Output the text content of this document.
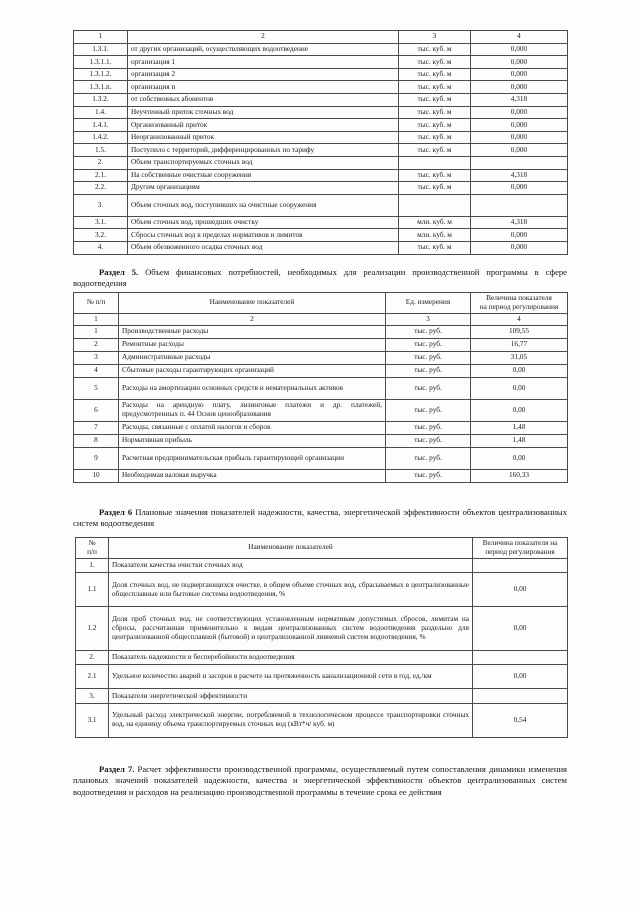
1	2	3	4
1.3.1.	от других организаций, осуществляющих водоотведение	тыс. куб. м	0,000
1.3.1.1.	организация 1	тыс. куб. м	0,000
1.3.1.2.	организация 2	тыс. куб. м	0,000
1.3.1.n.	организация n	тыс. куб. м	0,000
1.3.2.	от собственных абонентов	тыс. куб. м	4,318
1.4.	Неучтенный приток сточных вод	тыс. куб. м	0,000
1.4.1.	Организованный приток	тыс. куб. м	0,000
1.4.2.	Неорганизованный приток	тыс. куб. м	0,000
1.5.	Поступило с территорий, дифференцированных по тарифу	тыс. куб. м	0,000
2.	Объем транспортируемых сточных вод		
2.1.	На собственные очистные сооружения	тыс. куб. м	4,318
2.2.	Другим организациям	тыс. куб. м	0,000
3.	Объем сточных вод, поступивших на очистные сооружения		
3.1.	Объем сточных вод, прошедших очистку	млн. куб. м	4,318
3.2.	Сбросы сточных вод в пределах нормативов и лимитов	млн. куб. м	0,000
4.	Объем обезвоженного осадка сточных вод	тыс. куб. м	0,000

Раздел 5. Объем финансовых потребностей, необходимых для реализации производственной программы в сфере водоотведения

№ п/п	Наименование показателей	Ед. измерения	Величина показателя
на период регулирования
1	2	3	4
1	Производственные расходы	тыс. руб.	109,55
2	Ремонтные расходы	тыс. руб.	16,77
3	Административные расходы	тыс. руб.	31,05
4	Сбытовые расходы гарантирующих организаций	тыс. руб.	0,00
5	Расходы на амортизацию основных средств и нематериальных активов	тыс. руб.	0,00
6	Расходы на арендную плату, лизинговые платежи и др. платежей, предусмотренных п. 44 Основ ценообразования	тыс. руб.	0,00
7	Расходы, связанные с оплатой налогов и сборов	тыс. руб.	1,48
8	Нормативная прибыль	тыс. руб.	1,48
9	Расчетная предпринимательская прибыль гарантирующей организации	тыс. руб.	0,00
10	Необходимая валовая выручка	тыс. руб.	160,33

Раздел 6 Плановые значения показателей надежности, качества, энергетической эффективности объектов централизованных систем водоотведения

№
п/п	Наименование показателей	Величина показателя на
период регулирования
1.	Показатели качества очистки сточных вод	
1.1	Доля сточных вод, не подвергающихся очистке, в общем объеме сточных вод, сбрасываемых в централизованные общесплавные или бытовые системы водоотведения, %	0,00
1.2	Доля проб сточных вод, не соответствующих установленным нормативам допустимых сбросов, лимитам на сбросы, рассчитанная применительно к видам централизованных систем водоотведения раздельно для централизованной общесплавной (бытовой) и централизованной ливневой систем водоотведения, %	0,00
2.	Показатель надежности и бесперебойности водоотведения	
2.1	Удельное количество аварий и засоров в расчете на протяженность канализационной сети в год, ед./км	0,00
3.	Показатели энергетической эффективности	
3.1	Удельный расход электрической энергии, потребляемой в технологическом процессе транспортировки сточных вод, на единицу объема транспортируемых сточных вод (кВт*ч/ куб. м)	0,54

Раздел 7. Расчет эффективности производственной программы, осуществляемый путем сопоставления динамики изменения плановых значений показателей надежности, качества и энергетической эффективности объектов централизованных систем водоотведения и расходов на реализацию производственной программы в течение срока ее действия
